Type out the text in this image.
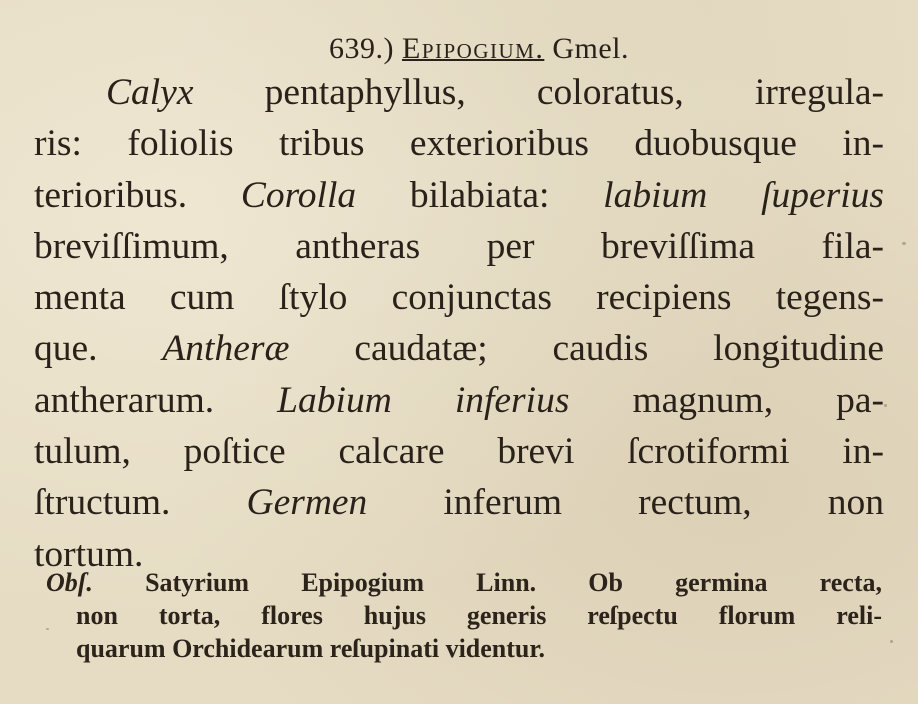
639.) Epipogium. Gmel.
Calyx pentaphyllus, coloratus, irregula-
ris: foliolis tribus exterioribus duobusque in-
terioribus. Corolla bilabiata: labium ſuperius
breviſſimum, antheras per breviſſima fila-
menta cum ſtylo conjunctas recipiens tegens-
que. Antheræ caudatæ; caudis longitudine
antherarum. Labium inferius magnum, pa-
tulum, poſtice calcare brevi ſcrotiformi in-
ſtructum. Germen inferum rectum, non
tortum.
Obſ. Satyrium Epipogium Linn. Ob germina recta,
non torta, flores hujus generis reſpectu florum reli-
quarum Orchidearum reſupinati videntur.
